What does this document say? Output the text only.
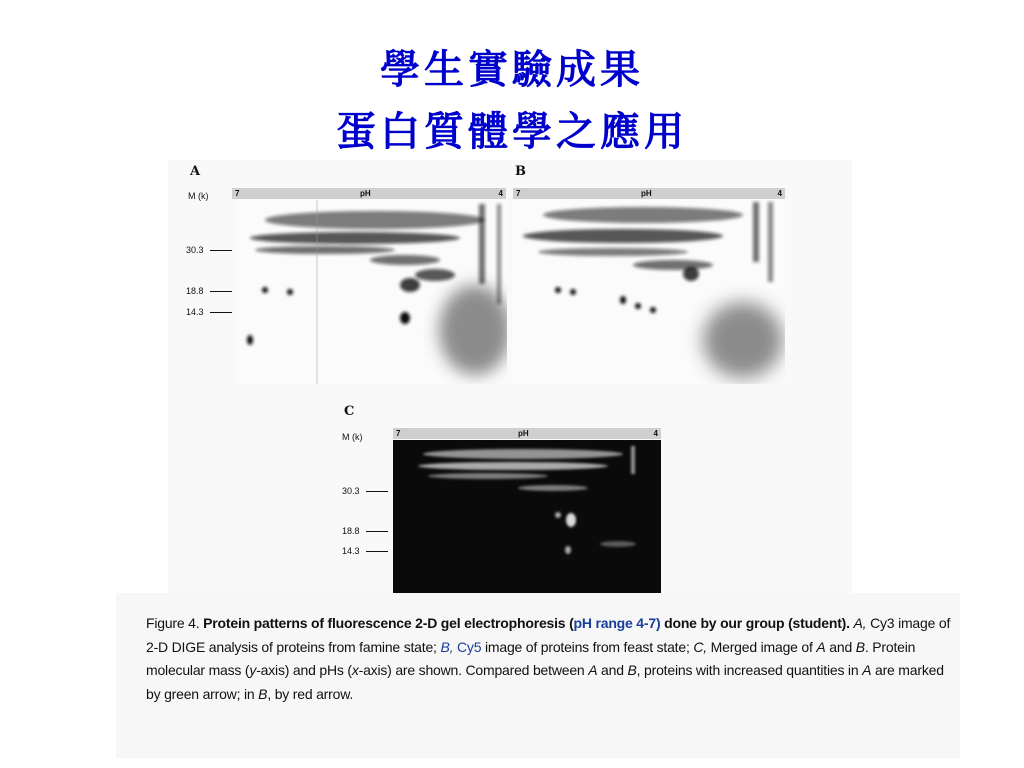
學生實驗成果
蛋白質體學之應用
A
M (k)	7	pH	4
30.3
18.8
14.3
B
7	pH	4
C
M (k)	7	pH	4
30.3
18.8
14.3
Figure 4. Protein patterns of fluorescence 2-D gel electrophoresis (pH range 4-7) done by our group (student). A, Cy3 image of 2-D DIGE analysis of proteins from famine state; B, Cy5 image of proteins from feast state; C, Merged image of A and B. Protein molecular mass (y-axis) and pHs (x-axis) are shown. Compared between A and B, proteins with increased quantities in A are marked by green arrow; in B, by red arrow.
